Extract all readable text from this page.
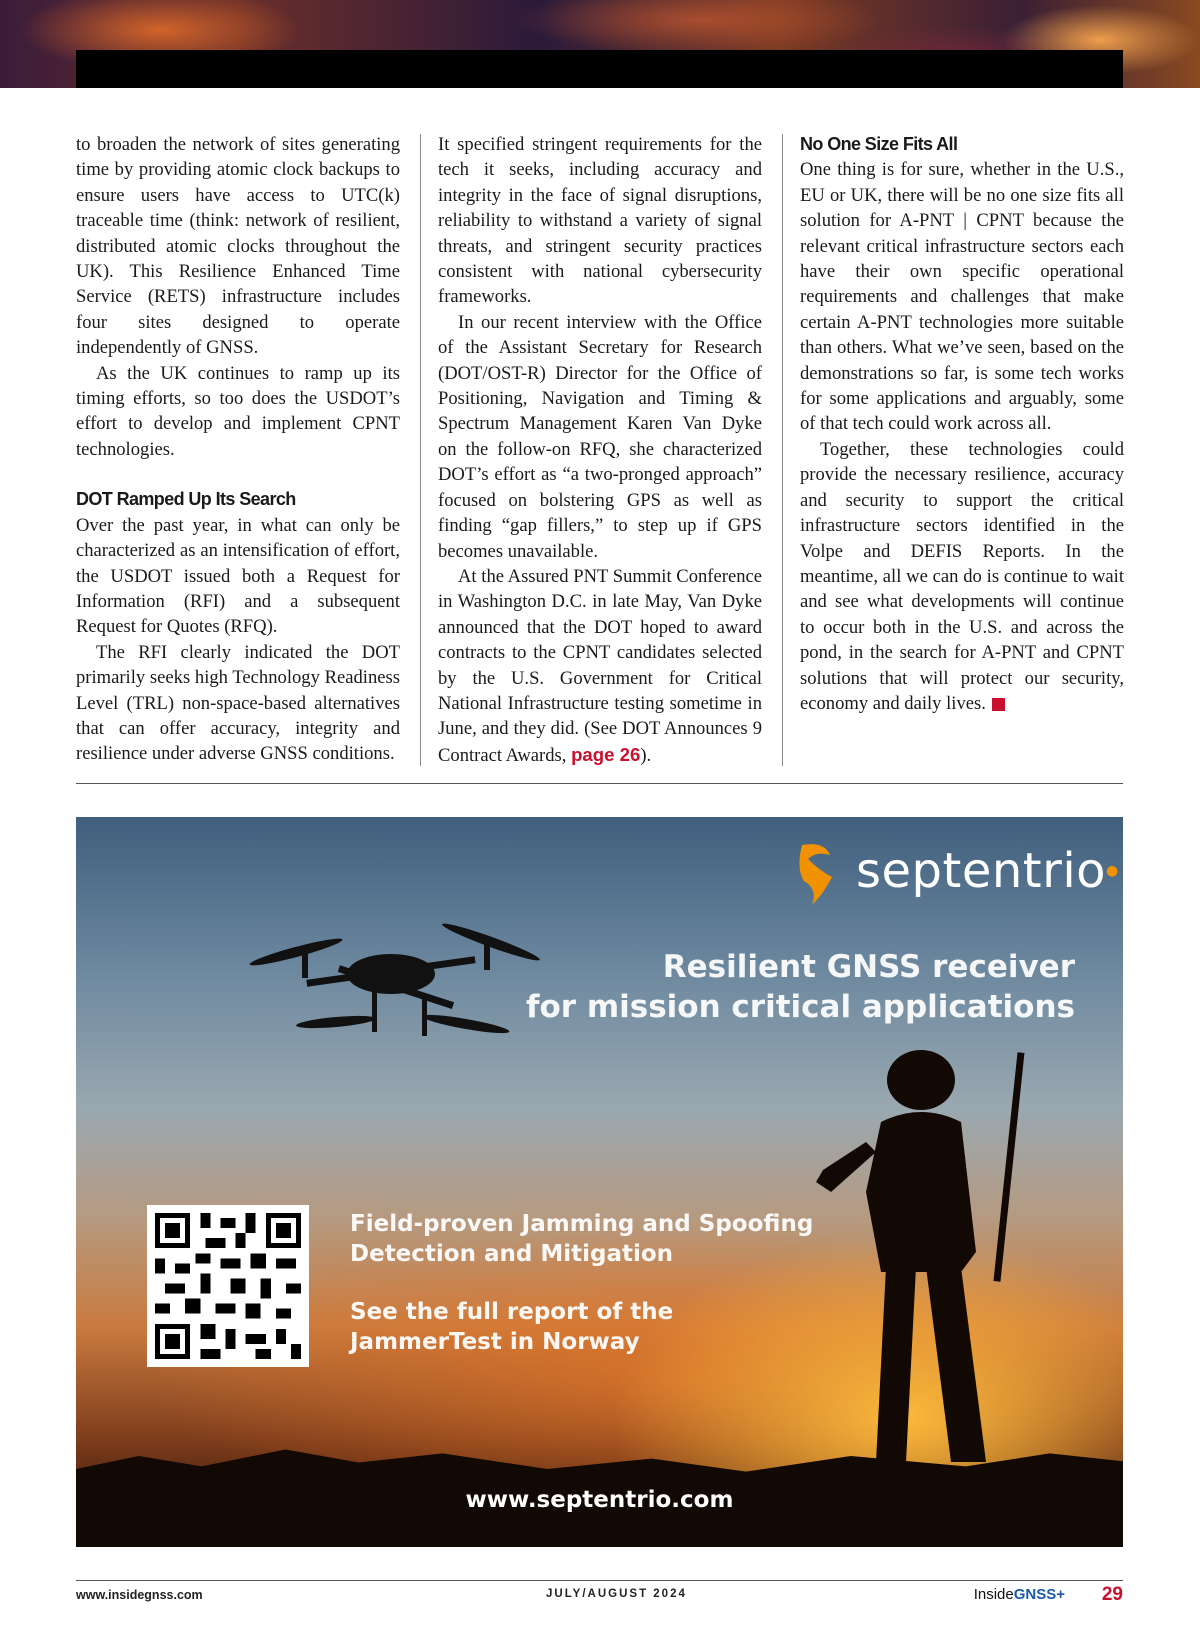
to broaden the network of sites generating time by providing atomic clock backups to ensure users have access to UTC(k) traceable time (think: network of resilient, distributed atomic clocks throughout the UK). This Resilience Enhanced Time Service (RETS) infrastructure includes four sites designed to operate independently of GNSS.

As the UK continues to ramp up its timing efforts, so too does the USDOT’s effort to develop and implement CPNT technologies.

DOT Ramped Up Its Search

Over the past year, in what can only be characterized as an intensification of effort, the USDOT issued both a Request for Information (RFI) and a subsequent Request for Quotes (RFQ).

The RFI clearly indicated the DOT primarily seeks high Technology Readiness Level (TRL) non-space-based alternatives that can offer accuracy, integrity and resilience under adverse GNSS conditions.

It specified stringent requirements for the tech it seeks, including accuracy and integrity in the face of signal disruptions, reliability to withstand a variety of signal threats, and stringent security practices consistent with national cybersecurity frameworks.

In our recent interview with the Office of the Assistant Secretary for Research (DOT/OST-R) Director for the Office of Positioning, Navigation and Timing & Spectrum Management Karen Van Dyke on the follow-on RFQ, she characterized DOT’s effort as “a two-pronged approach” focused on bolstering GPS as well as finding “gap fillers,” to step up if GPS becomes unavailable.

At the Assured PNT Summit Conference in Washington D.C. in late May, Van Dyke announced that the DOT hoped to award contracts to the CPNT candidates selected by the U.S. Government for Critical National Infrastructure testing sometime in June, and they did. (See DOT Announces 9 Contract Awards, page 26).

No One Size Fits All

One thing is for sure, whether in the U.S., EU or UK, there will be no one size fits all solution for A-PNT | CPNT because the relevant critical infrastructure sectors each have their own specific operational requirements and challenges that make certain A-PNT technologies more suitable than others. What we’ve seen, based on the demonstrations so far, is some tech works for some applications and arguably, some of that tech could work across all.

Together, these technologies could provide the necessary resilience, accuracy and security to support the critical infrastructure sectors identified in the Volpe and DEFIS Reports. In the meantime, all we can do is continue to wait and see what developments will continue to occur both in the U.S. and across the pond, in the search for A-PNT and CPNT solutions that will protect our security, economy and daily lives.	IG

septentrio●
Resilient GNSS receiver
for mission critical applications
Field-proven Jamming and Spoofing
Detection and Mitigation
See the full report of the
JammerTest in Norway
www.septentrio.com
www.insidegnss.com	JULY/AUGUST 2024	InsideGNSS+ 29
